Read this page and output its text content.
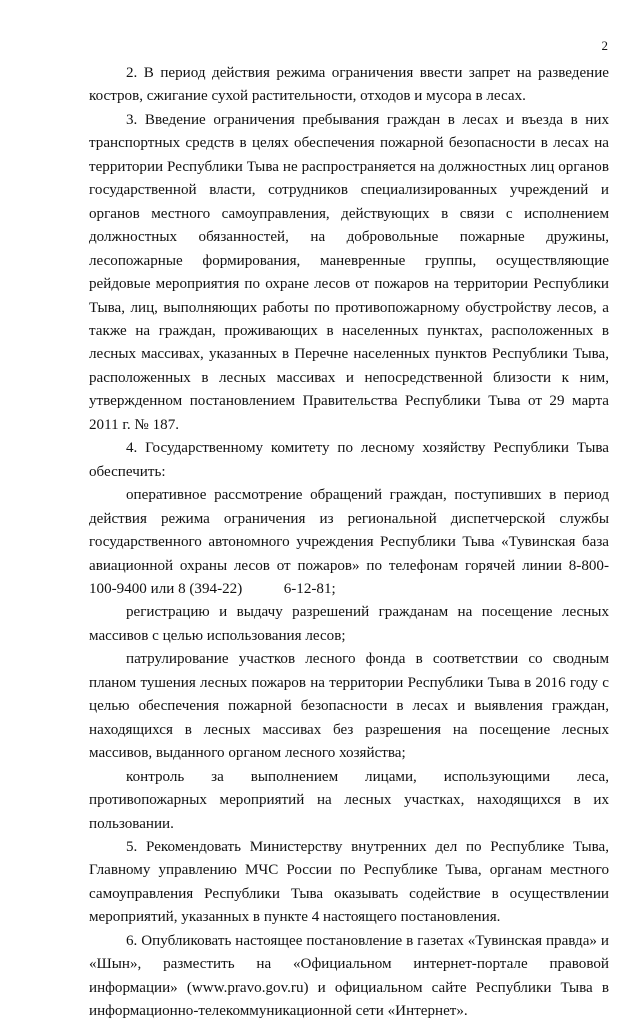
2

2. В период действия режима ограничения ввести запрет на разведение костров, сжигание сухой растительности, отходов и мусора в лесах.

3. Введение ограничения пребывания граждан в лесах и въезда в них транспортных средств в целях обеспечения пожарной безопасности в лесах на территории Республики Тыва не распространяется на должностных лиц органов государственной власти, сотрудников специализированных учреждений и органов местного самоуправления, действующих в связи с исполнением должностных обязанностей, на добровольные пожарные дружины, лесопожарные формирования, маневренные группы, осуществляющие рейдовые мероприятия по охране лесов от пожаров на территории Республики Тыва, лиц, выполняющих работы по противопожарному обустройству лесов, а также на граждан, проживающих в населенных пунктах, расположенных в лесных массивах, указанных в Перечне населенных пунктов Республики Тыва, расположенных в лесных массивах и непосредственной близости к ним, утвержденном постановлением Правительства Республики Тыва от 29 марта 2011 г. № 187.

4. Государственному комитету по лесному хозяйству Республики Тыва обеспечить:

оперативное рассмотрение обращений граждан, поступивших в период действия режима ограничения из региональной диспетчерской службы государственного автономного учреждения Республики Тыва «Тувинская база авиационной охраны лесов от пожаров» по телефонам горячей линии 8-800-100-9400 или 8 (394-22)           6-12-81;

регистрацию и выдачу разрешений гражданам на посещение лесных массивов с целью использования лесов;

патрулирование участков лесного фонда в соответствии со сводным планом тушения лесных пожаров на территории Республики Тыва в 2016 году с целью обеспечения пожарной безопасности в лесах и выявления граждан, находящихся в лесных массивах без разрешения на посещение лесных массивов, выданного органом лесного хозяйства;

контроль за выполнением лицами, использующими леса, противопожарных мероприятий на лесных участках, находящихся в их пользовании.

5. Рекомендовать Министерству внутренних дел по Республике Тыва, Главному управлению МЧС России по Республике Тыва, органам местного самоуправления Республики Тыва оказывать содействие в осуществлении мероприятий, указанных в пункте 4 настоящего постановления.

6. Опубликовать настоящее постановление в газетах «Тувинская правда» и «Шын», разместить на «Официальном интернет-портале правовой информации» (www.pravo.gov.ru) и официальном сайте Республики Тыва в информационно-телекоммуникационной сети «Интернет».
